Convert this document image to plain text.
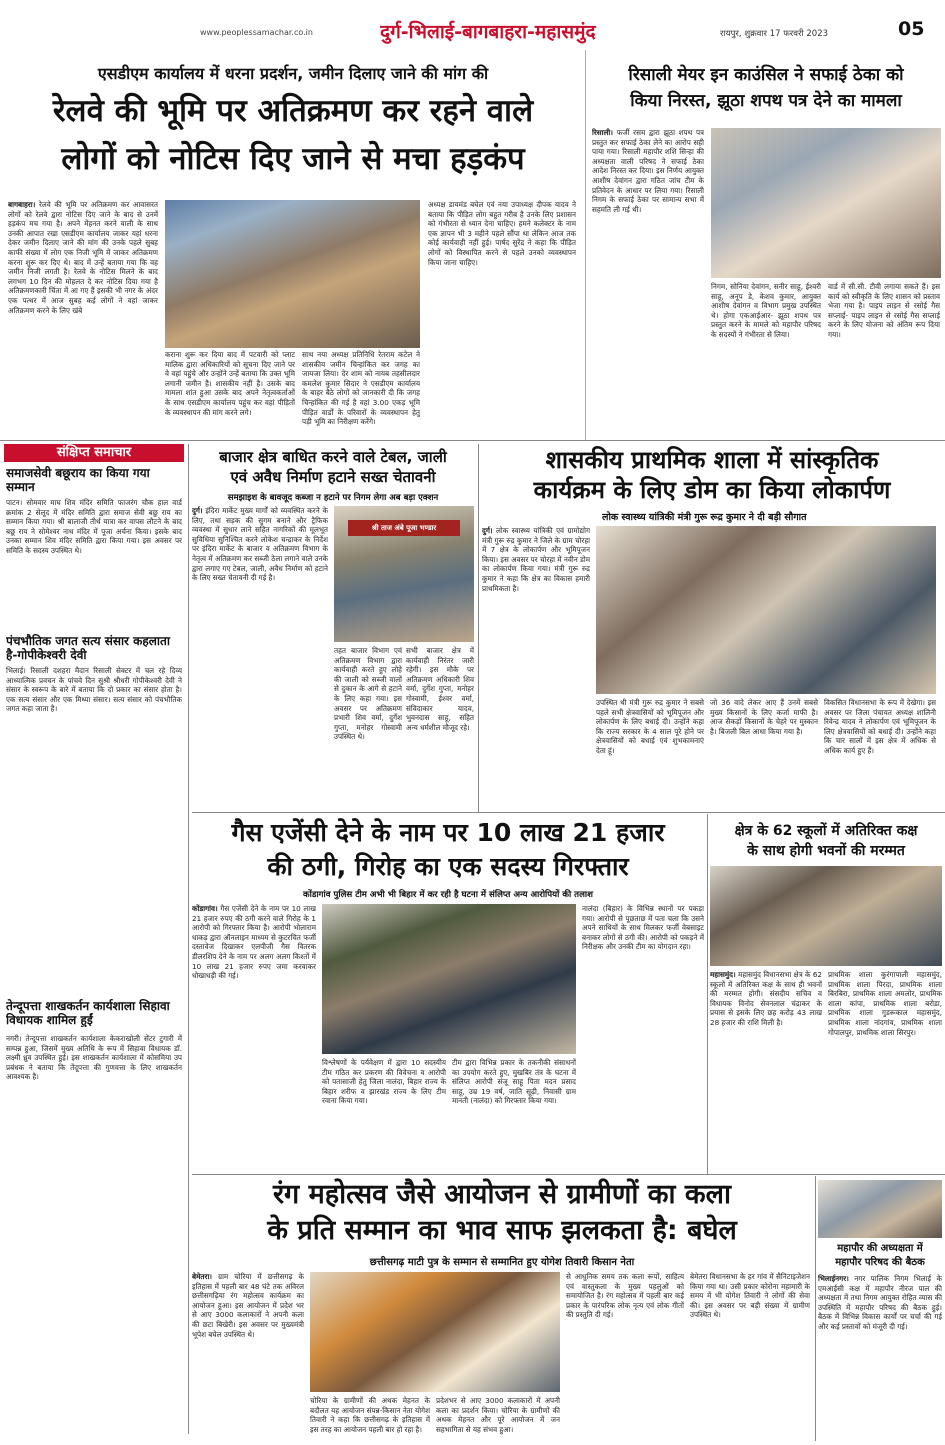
www.peoplessamachar.co.in	दुर्ग-भिलाई-बागबाहरा-महासमुंद	रायपुर, शुक्रवार 17 फरवरी 2023	05
एसडीएम कार्यालय में धरना प्रदर्शन, जमीन दिलाए जाने की मांग की
रेलवे की भूमि पर अतिक्रमण कर रहने वाले
लोगों को नोटिस दिए जाने से मचा हड़कंप
बागबाहरा। रेलवे की भूमि पर अतिक्रमण कर आवासरत लोगों को रेलवे द्वारा नोटिस दिए जाने के बाद से उनमें हड़कंप मच गया है। अपने मेंहनत करने वाली के साथ उनकी आपात रखा एसडीएम कार्यालय जाकर यहां धरना देकर जमीन दिलाए जाने की मांग की उनके पहले सुबह काफी संख्या में लोग एक निजी भूमि में जाकर अतिक्रमण करना शुरू कर दिए थे। बाद में उन्हें बताया गया कि वह जमीन निजी लगती है। रेलवे के नोटिस मिलने के बाद लगभग 10 दिन की मोहलत दे कर नोटिस दिया गया है अतिक्रमणकारी चिंता में आ गए हैं इसकी भी नगर के अंदर एक पत्थर में आज सुबह कई लोगों ने वहां जाकर अतिक्रमण करने के लिए खंबे
कराना शुरू कर दिया बाद में पटवारी को प्लाट मालिक द्वारा अधिकारियों को सूचना दिए जाने पर वे वहां पहुंचे और उन्होंने उन्हें बताया कि उक्त भूमि लगानी जमीन है। शासकीय नहीं है। उसके बाद मामला शांत हुआ उसके बाद अपने नेतृत्वकर्ताओं के साथ एसडीएम कार्यालय पहुंच कर वहां पीड़ितों के व्यवस्थापन की मांग करने लगे।
साथ नया अध्यक्ष प्रतिनिधि रेतराम कटेल ने शासकीय जमीन चिन्हांकित कर जगह का जायजा लिया। देर शाम को नायब तहसीलदार कमलेश कुमार सिदार ने एसडीएम कार्यालय के बाहर बैठे लोगों को जानकारी दी कि जगह चिन्हांकित की गई है वहां 3.00 एकड़ भूमि पीड़ित वार्डों के परिवारों के व्यवस्थापन हेतु पड़ी भूमि का निरीक्षण करेंगे।
अध्यक्ष डायमंड बघेल एवं नया उपाध्यक्ष दीपक यादव ने बताया कि पीड़ित लोग बहुत गरीब है उनके लिए प्रशासन को गंभीरता से ध्यान देना चाहिए। हमने कलेक्टर के नाम एक ज्ञापन भी 3 महीने पहले सौंपा था लेकिन आज तक कोई कार्यवाही नहीं हुई। पार्षद सुरेंद्र ने कहा कि पीड़ित लोगों को विस्थापित करने से पहले उनको व्यवस्थापन किया जाना चाहिए।
रिसाली मेयर इन काउंसिल ने सफाई ठेका को
किया निरस्त, झूठा शपथ पत्र देने का मामला
रिसाली। फर्जी रसम द्वारा झूठा शपथ पत्र प्रस्तुत कर सफाई ठेका लेने का आरोप सही पाया गया। रिसाली महापौर शशि सिन्हा की अध्यक्षता वाली परिषद ने सफाई ठेका आदेश निरस्त कर दिया। इस निर्णय आयुक्त आशीष देवांगन द्वारा गठित जांच टीम के प्रतिवेदन के आधार पर लिया गया। रिसाली निगम के सफाई ठेका पर सामान्य सभा में सहमति ली गई थी।
निगम, सोनिया देवांगन, सनीर साहू, ईश्वरी साहू, अनूप डे, केशव कुमार, आयुक्त आशीष देवांगन व विभाग प्रमुख उपस्थित थे। होगा एकआईआर- झूठा शपथ पत्र प्रस्तुत करने के मामले को महापौर परिषद के सदस्यों ने गंभीरता से लिया।
वार्ड में सी.सी. टीवी लगाया सकते हैं। इस कार्य को स्वीकृति के लिए शासन को प्रस्ताव भेजा गया है। पाइप लाइन से रसोई गैस सप्लाई- पाइप लाइन से रसोई गैस सप्लाई करने के लिए योजना को अंतिम रूप दिया गया।
संक्षिप्त समाचार
समाजसेवी बछूराय का किया गया सम्मान
पाटन। सोमवार माघ शिव मंदिर समिति फाजरंग चौक हाल वार्ड क्रमांक 2 सेलूद में मंदिर समिति द्वारा समाज सेवी बछु राय का सम्मान किया गया। श्री बालाजी तीर्थ यात्रा कर वापस लौटने के बाद बछू राय ने सोमेश्वर नाथ मंदिर में पूजा अर्चना किया। इसके बाद उनका सम्मान शिव मंदिर समिति द्वारा किया गया। इस अवसर पर समिति के सदस्य उपस्थित थे।
पंचभौतिक जगत सत्य संसार कहलाता है-गोपीकेश्वरी देवी
भिलाई। रिसाली दशहरा मैदान रिसाली सेक्टर में चल रहे दिव्य आध्यात्मिक प्रवचन के पांचवे दिन सुश्री श्रीधरी गोपीकेश्वरी देवी ने संसार के स्वरूप के बारे में बताया कि दो प्रकार का संसार होता है। एक सत्य संसार और एक मिथ्या संसार। सत्य संसार को पंचभौतिक जगत कहा जाता है।
तेन्दूपत्ता शाखकर्तन कार्यशाला सिहावा विधायक शामिल हुईं
नगरी। तेन्दूपत्ता शाखकर्तन कार्यशाला केकराखोली सेंटर टुगारी में सम्पन्न हुआ, जिसमें मुख्य अतिथि के रूप में सिहावा विधायक डॉ. लक्ष्मी ध्रुव उपस्थित हुई। इस शाखकर्तन कार्यशाला में कोसमिया उप प्रबंधक ने बताया कि तेंदूपत्ता की गुणवत्ता के लिए शाखकर्तन आवश्यक है।
बाजार क्षेत्र बाधित करने वाले टेबल, जाली
एवं अवैध निर्माण हटाने सख्त चेतावनी
समझाइश के बावजूद कब्जा न हटाने पर निगम लेगा अब बड़ा एक्शन
दुर्ग। इंदिरा मार्केट मुख्य मार्गों को व्यवस्थित करने के लिए, तथा सड़क की सुगम बनाने और ट्रैफिक व्यवस्था में सुधार लाने सहित नागरिकों की मूलभूत सुविधिया सुनिश्चित करने लोकेश चन्द्राकर के निर्देश पर इंदिरा मार्केट के बाजार व अतिक्रमण विभाग के नेतृत्व में अतिक्रमण कर सब्जी ठेला लगाने वाले उनके द्वारा लगाए गए टेबल, जाली, अवैध निर्माण को हटाने के लिए सख्त चेतावनी दी गई है।
श्री ताज अंबे पूजा भण्डार
तहत बाजार विभाग एवं अतिक्रमण विभाग द्वारा कार्यवाही करते हुए लोहे की जाली को सब्जी वालों से दुकान के आगे से हटाने के लिए कहा गया। इस अवसर पर अतिक्रमण प्रभारी शिव वर्मा, दुर्गेश गुप्ता, मनोहर गोस्वामी उपस्थित थे।
सभी बाजार क्षेत्र में कार्यवाही निरंतर जारी रहेगी। इस मौके पर अतिक्रमण अधिकारी शिव वर्मा, दुर्गेश गुप्ता, मनोहर गोस्वामी, ईश्वर वर्मा, संविदाकार यादव, भुवनदास साहू, सहित अन्य धर्मशील मौजूद रहे।
शासकीय प्राथमिक शाला में सांस्कृतिक
कार्यक्रम के लिए डोम का किया लोकार्पण
लोक स्वास्थ्य यांत्रिकी मंत्री गुरू रूद्र कुमार ने दी बड़ी सौगात
दुर्ग। लोक स्वास्थ्य यांत्रिकी एवं ग्रामोद्योग मंत्री गुरू रुद्र कुमार ने जिले के ग्राम चोरहा में 7 क्षेत्र के लोकार्पण और भूमिपूजन किया। इस अवसर पर चोरहा में नवीन डोम का लोकार्पण किया गया। मंत्री गुरू रुद्र कुमार ने कहा कि क्षेत्र का विकास हमारी प्राथमिकता है।
उपस्थित थी मंत्री गुरू रुद्र कुमार ने सबसे पहले सभी क्षेत्रवासियों को भूमिपूजन और लोकार्पण के लिए बधाई दी। उन्होंने कहा कि राज्य सरकार के 4 साल पूरे होने पर क्षेत्रवासियों को बधाई एवं शुभकामनाएं देता हूं।
जो 36 वादे लेकर आए हैं उनमें सबसे मुख्य किसानों के लिए कर्जा माफी है। आज सैकड़ों किसानों के चेहरे पर मुस्कान है। बिजली बिल आधा किया गया है।
विकसित विधानसभा के रूप में देखेगा। इस अवसर पर जिला पंचायत अध्यक्ष शालिनी रिवेन्द्र यादव ने लोकार्पण एवं भूमिपूजन के लिए क्षेत्रवासियों को बधाई दी। उन्होंने कहा कि चार सालों में इस क्षेत्र में अधिक से अधिक कार्य हुए हैं।
गैस एजेंसी देने के नाम पर 10 लाख 21 हजार
की ठगी, गिरोह का एक सदस्य गिरफ्तार
कोंडागांव पुलिस टीम अभी भी बिहार में कर रही है घटना में संलिप्त अन्य आरोपियों की तलाश
कोंडागांव। गैस एजेंसी देने के नाम पर 10 लाख 21 हजार रुपए की ठगी करने वाले गिरोह के 1 आरोपी को गिरफ्तार किया है। आरोपी भोलाराम धाकड़ द्वारा ऑनलाइन माध्यम से कुटरचित फर्जी दस्तावेज दिखाकर एलपीजी गैस वितरक डीलरशिप देने के नाम पर अलग अलग किश्तों में 10 लाख 21 हजार रुपए जमा करवाकर धोखाधड़ी की गई।
विश्लेषणों के पर्यवेक्षण में द्वारा 10 सदस्यीय टीम गठित कर प्रकरण की विवेचना व आरोपी को पतासाजी हेतु जिला नालंदा, बिहार राज्य के बिहार शरीफ व झारखंड राज्य के लिए टीम रवाना किया गया।
टीम द्वारा विभिन्न प्रकार के तकनीकी संसाधनों का उपयोग करते हुए, मुखबिर तंत्र के घटना में संलिप्त आरोपी संजू साहू पिता मदन प्रसाद साहू, उम्र 19 वर्ष, जाति सूढ़ी, निवासी ग्राम मानती (नालंदा) को गिरफ्तार किया गया।
नालंदा (बिहार) के विभिन्न स्थानों पर पकड़ा गया। आरोपी से पूछताछ में पता चला कि उसने अपने साथियों के साथ मिलकर फर्जी वेबसाइट बनाकर लोगों से ठगी की। आरोपी को पकड़ने में निरीक्षक और उनकी टीम का योगदान रहा।
क्षेत्र के 62 स्कूलों में अतिरिक्त कक्ष
के साथ होगी भवनों की मरम्मत
महासमुंद। महासमुंद विधानसभा क्षेत्र के 62 स्कूलों में अतिरिक्त कक्ष के साथ ही भवनों की मरम्मत होगी। संसदीय सचिव व विधायक विनोद सेवनलाल चंद्राकर के प्रयास से इसके लिए छह करोड़ 43 लाख 28 हजार की राशि मिली है।
प्राथमिक शाला कुरंगापाली महासमुंद, प्राथमिक शाला पिरदा, प्राथमिक शाला बिरबिरा, प्राथमिक शाला अमलोर, प्राथमिक शाला कांपा, प्राथमिक शाला बरोडा, प्राथमिक शाला गुडरूकाल महासमुंद, प्राथमिक शाला नांदगांव, प्राथमिक शाला गोपालपुर, प्राथमिक शाला सिरपुर।
रंग महोत्सव जैसे आयोजन से ग्रामीणों का कला
के प्रति सम्मान का भाव साफ झलकता है: बघेल
छत्तीसगढ़ माटी पुत्र के सम्मान से सम्मानित हुए योगेश तिवारी किसान नेता
बेमेतरा। ग्राम चोरिया में छत्तीसगढ़ के इतिहास में पहली बार 48 घंटे तक अविरल छत्तीसगढ़िया रंग महोत्सव कार्यक्रम का आयोजन हुआ। इस आयोजन में प्रदेश भर से आए 3000 कलाकारों ने अपनी कला की छटा बिखेरी। इस अवसर पर मुख्यमंत्री भूपेश बघेल उपस्थित थे।
चोरिया के ग्रामीणों की अथक मेहनत के बदौलत यह आयोजन संपन्न-किसान नेता योगेश तिवारी ने कहा कि छत्तीसगढ़ के इतिहास में इस तरह का आयोजन पहली बार हो रहा है।
प्रदेशभर से आए 3000 कलाकारों में अपनी कला का प्रदर्शन किया। चोरिया के ग्रामीणों की अथक मेहनत और पूरे आयोजन में जन सहभागिता से यह संभव हुआ।
से आधुनिक समय तक कला रूपों, साहित्य एवं वास्तुकला के मुख्य पहलुओं को समायोजित है। रंग महोत्सव में पहली बार कई प्रकार के पारंपरिक लोक नृत्य एवं लोक गीतों की प्रस्तुति दी गई।
बेमेतरा विधानसभा के हर गांव में सैनिटाइजेशन किया गया था। उसी प्रकार कोरोना महामारी के समय में भी योगेश तिवारी ने लोगों की सेवा की। इस अवसर पर बड़ी संख्या में ग्रामीण उपस्थित थे।
महापौर की अध्यक्षता में
महापौर परिषद की बैठक
भिलाईनगर। नगर पालिक निगम भिलाई के एमआईसी कक्ष में महापौर नीरज पाल की अध्यक्षता में तथा निगम आयुक्त रोहित व्यास की उपस्थिति में महापौर परिषद की बैठक हुई। बैठक में विभिन्न विकास कार्यों पर चर्चा की गई और कई प्रस्तावों को मंजूरी दी गई।
